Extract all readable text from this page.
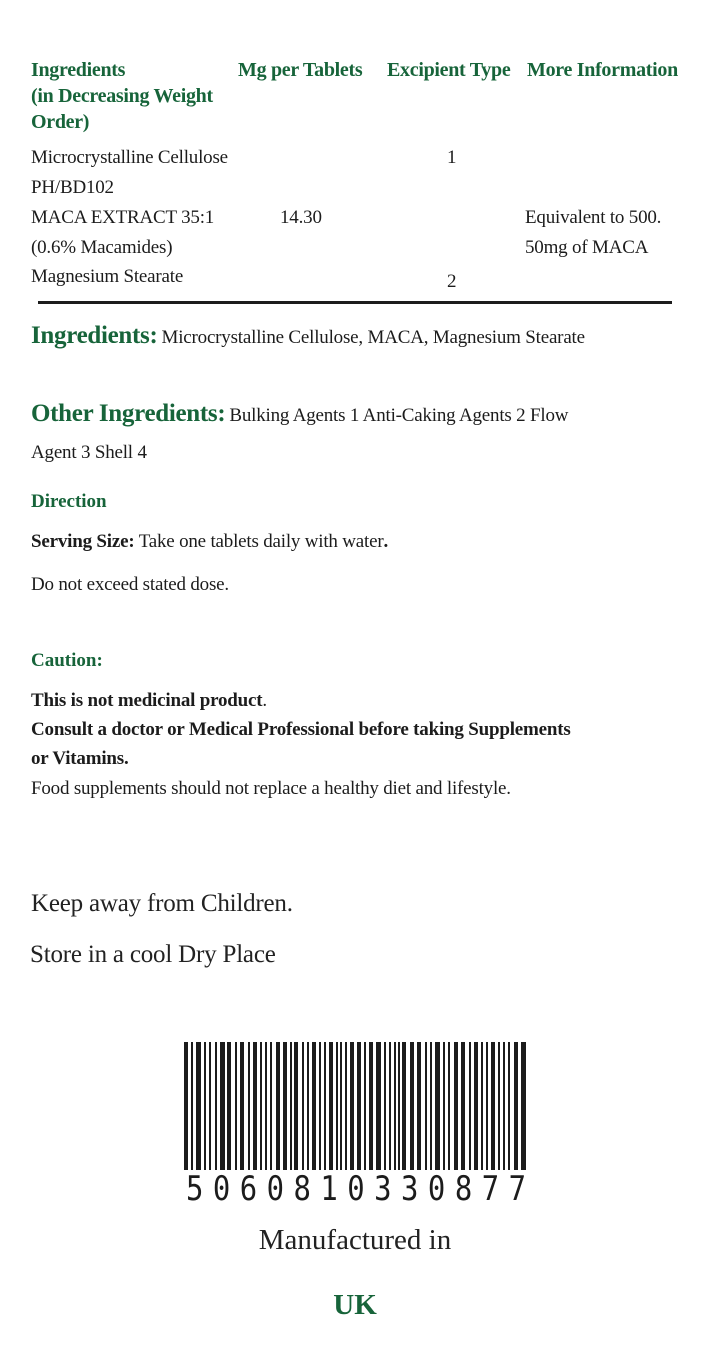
Ingredients
(in Decreasing Weight
Order)
Mg per Tablets Excipient Type More Information
Microcrystalline Cellulose
PH/BD102
1
MACA EXTRACT 35:1
(0.6% Macamides)
14.30	Equivalent to 500.
50mg of MACA
Magnesium Stearate	2
Ingredients: Microcrystalline Cellulose, MACA, Magnesium Stearate
Other Ingredients: Bulking Agents 1 Anti-Caking Agents 2 Flow
Agent 3 Shell 4
Direction
Serving Size: Take one tablets daily with water.
Do not exceed stated dose.
Caution:
This is not medicinal product.
Consult a doctor or Medical Professional before taking Supplements
or Vitamins.
Food supplements should not replace a healthy diet and lifestyle.
Keep away from Children.
Store in a cool Dry Place
5 0 6 0 8 1 0 3 3 0 8 7 7
Manufactured in
UK
